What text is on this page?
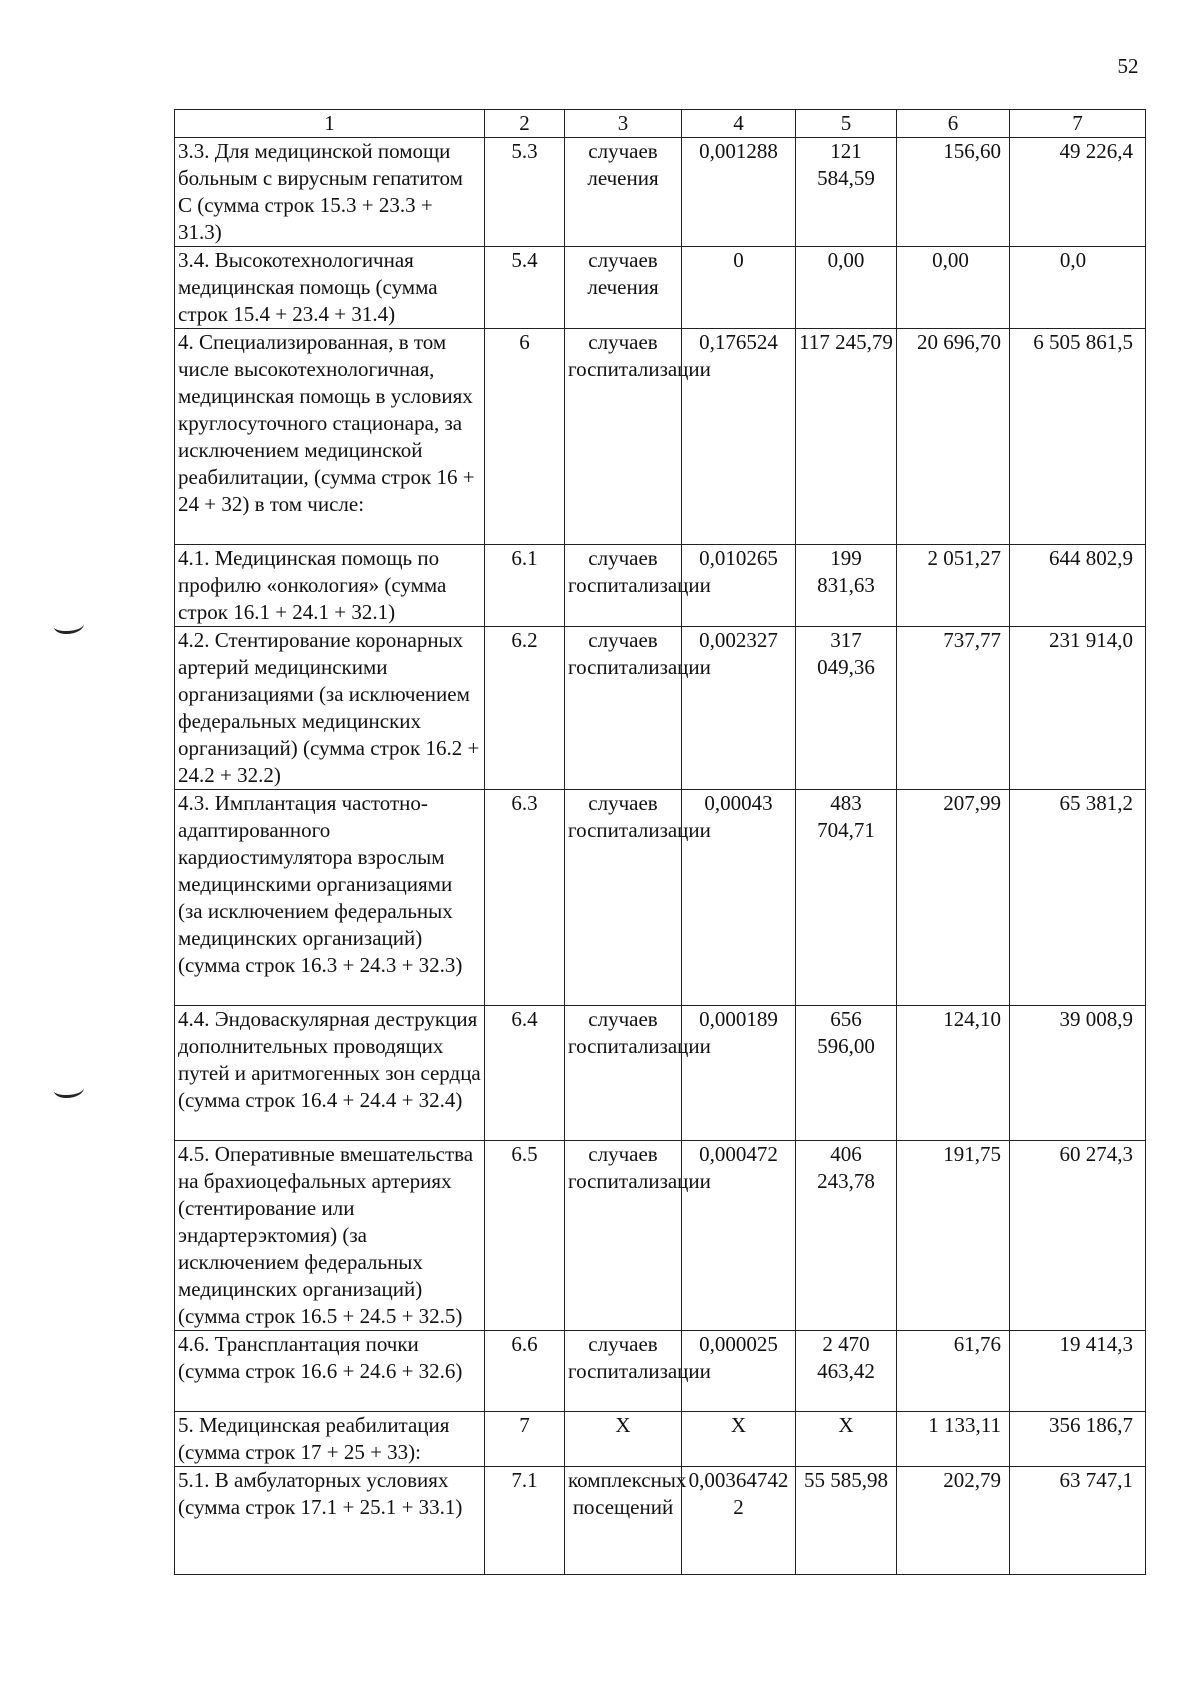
52
1	2	3	4	5	6	7
3.3. Для медицинской помощи больным с вирусным гепатитом С (сумма строк 15.3 + 23.3 + 31.3)	5.3	случаев лечения	0,001288	121 584,59	156,60	49 226,4
3.4. Высокотехнологичная медицинская помощь (сумма строк 15.4 + 23.4 + 31.4)	5.4	случаев лечения	0	0,00	0,00	0,0
4. Специализированная, в том числе высокотехнологичная, медицинская помощь в условиях круглосуточного стационара, за исключением медицинской реабилитации, (сумма строк 16 + 24 + 32) в том числе:	6	случаев госпитализации	0,176524	117 245,79	20 696,70	6 505 861,5
4.1. Медицинская помощь по профилю «онкология» (сумма строк 16.1 + 24.1 + 32.1)	6.1	случаев госпитализации	0,010265	199 831,63	2 051,27	644 802,9
4.2. Стентирование коронарных артерий медицинскими организациями (за исключением федеральных медицинских организаций) (сумма строк 16.2 + 24.2 + 32.2)	6.2	случаев госпитализации	0,002327	317 049,36	737,77	231 914,0
4.3. Имплантация частотно-адаптированного кардиостимулятора взрослым медицинскими организациями (за исключением федеральных медицинских организаций) (сумма строк 16.3 + 24.3 + 32.3)	6.3	случаев госпитализации	0,00043	483 704,71	207,99	65 381,2
4.4. Эндоваскулярная деструкция дополнительных проводящих путей и аритмогенных зон сердца (сумма строк 16.4 + 24.4 + 32.4)	6.4	случаев госпитализации	0,000189	656 596,00	124,10	39 008,9
4.5. Оперативные вмешательства на брахиоцефальных артериях (стентирование или эндартерэктомия) (за исключением федеральных медицинских организаций) (сумма строк 16.5 + 24.5 + 32.5)	6.5	случаев госпитализации	0,000472	406 243,78	191,75	60 274,3
4.6. Трансплантация почки (сумма строк 16.6 + 24.6 + 32.6)	6.6	случаев госпитализации	0,000025	2 470 463,42	61,76	19 414,3
5. Медицинская реабилитация (сумма строк 17 + 25 + 33):	7	Х	Х	Х	1 133,11	356 186,7
5.1. В амбулаторных условиях (сумма строк 17.1 + 25.1 + 33.1)	7.1	комплексных посещений	0,003647422	55 585,98	202,79	63 747,1
